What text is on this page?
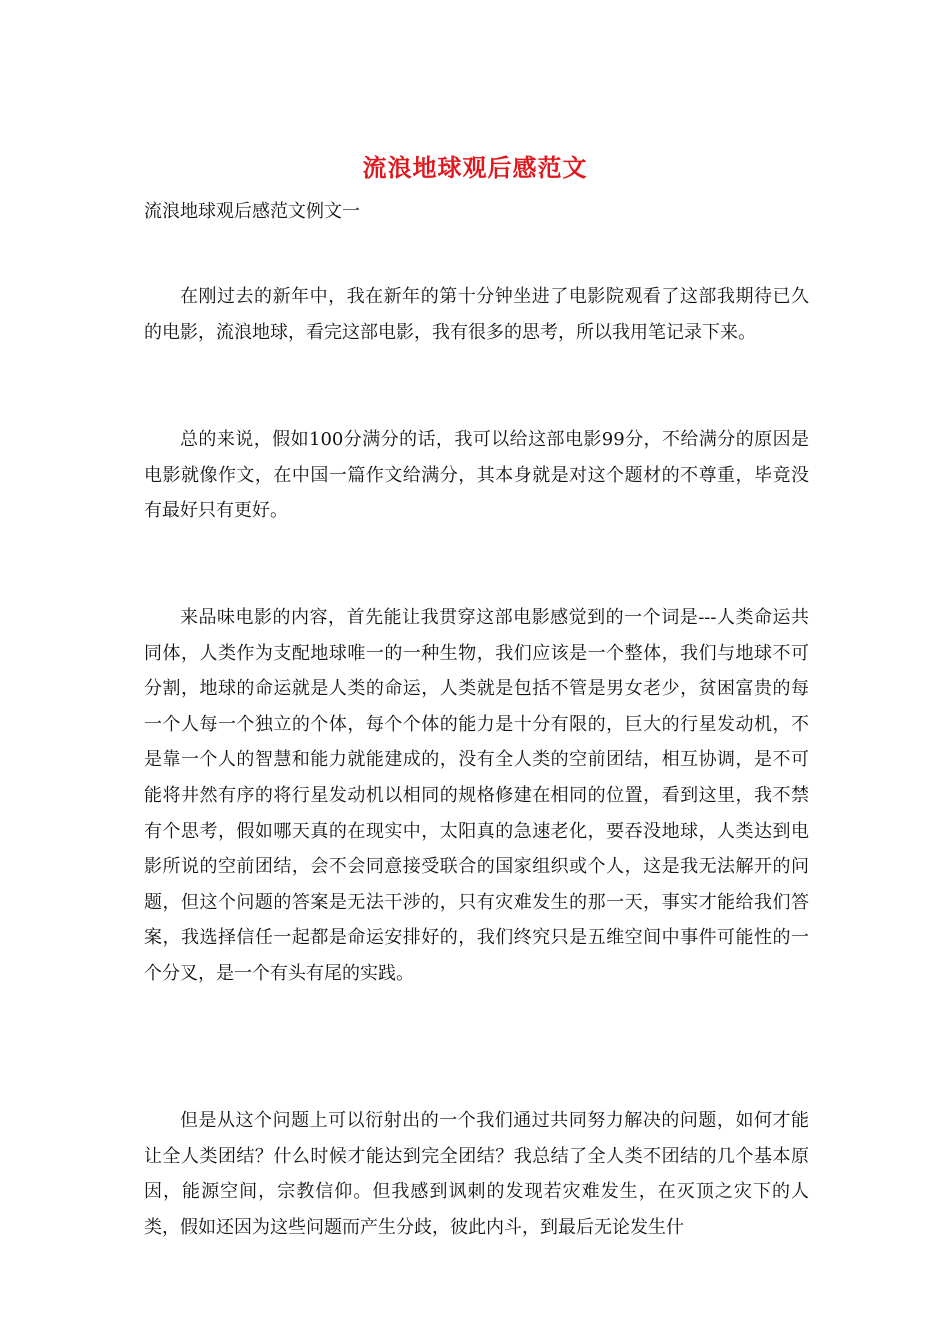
流浪地球观后感范文
流浪地球观后感范文例文一

在刚过去的新年中，我在新年的第十分钟坐进了电影院观看了这部我期待已久的电影，流浪地球，看完这部电影，我有很多的思考，所以我用笔记录下来。

总的来说，假如100分满分的话，我可以给这部电影99分，不给满分的原因是电影就像作文，在中国一篇作文给满分，其本身就是对这个题材的不尊重，毕竟没有最好只有更好。

来品味电影的内容，首先能让我贯穿这部电影感觉到的一个词是---人类命运共同体，人类作为支配地球唯一的一种生物，我们应该是一个整体，我们与地球不可分割，地球的命运就是人类的命运，人类就是包括不管是男女老少，贫困富贵的每一个人每一个独立的个体，每个个体的能力是十分有限的，巨大的行星发动机，不是靠一个人的智慧和能力就能建成的，没有全人类的空前团结，相互协调，是不可能将井然有序的将行星发动机以相同的规格修建在相同的位置，看到这里，我不禁有个思考，假如哪天真的在现实中，太阳真的急速老化，要吞没地球，人类达到电影所说的空前团结，会不会同意接受联合的国家组织或个人，这是我无法解开的问题，但这个问题的答案是无法干涉的，只有灾难发生的那一天，事实才能给我们答案，我选择信任一起都是命运安排好的，我们终究只是五维空间中事件可能性的一个分叉，是一个有头有尾的实践。

但是从这个问题上可以衍射出的一个我们通过共同努力解决的问题，如何才能让全人类团结？什么时候才能达到完全团结？我总结了全人类不团结的几个基本原因，能源空间，宗教信仰。但我感到讽刺的发现若灾难发生，在灭顶之灾下的人类，假如还因为这些问题而产生分歧，彼此内斗，到最后无论发生什
